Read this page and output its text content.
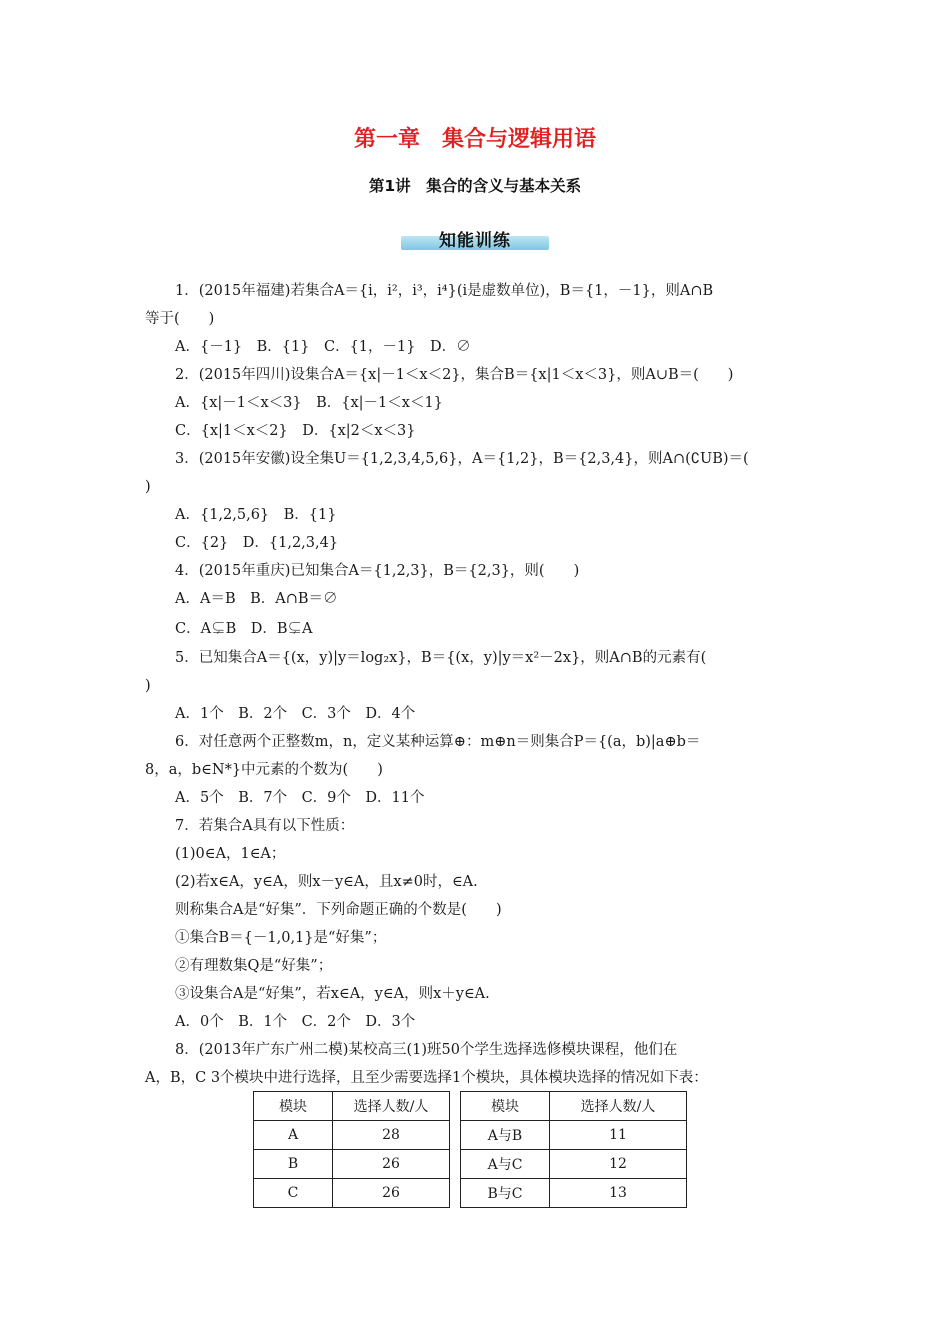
第一章　集合与逻辑用语
第1讲　集合的含义与基本关系
知能训练
1．(2015年福建)若集合A＝{i，i²，i³，i⁴}(i是虚数单位)，B＝{1，－1}，则A∩B
等于(　　)
A．{－1}　B．{1}　C．{1，－1}　D．∅
2．(2015年四川)设集合A＝{x|－1＜x＜2}，集合B＝{x|1＜x＜3}，则A∪B＝(　　)
A．{x|－1＜x＜3}　B．{x|－1＜x＜1}
C．{x|1＜x＜2}　D．{x|2＜x＜3}
3．(2015年安徽)设全集U＝{1,2,3,4,5,6}，A＝{1,2}，B＝{2,3,4}，则A∩(∁UB)＝(
)
A．{1,2,5,6}　B．{1}
C．{2}　D．{1,2,3,4}
4．(2015年重庆)已知集合A＝{1,2,3}，B＝{2,3}，则(　　)
A．A＝B　B．A∩B＝∅
C．A⊊B　D．B⊊A
5．已知集合A＝{(x，y)|y＝log₂x}，B＝{(x，y)|y＝x²－2x}，则A∩B的元素有(
)
A．1个　B．2个　C．3个　D．4个
6．对任意两个正整数m，n，定义某种运算⊕：m⊕n＝则集合P＝{(a，b)|a⊕b＝
8，a，b∈N*}中元素的个数为(　　)
A．5个　B．7个　C．9个　D．11个
7．若集合A具有以下性质：
(1)0∈A，1∈A；
(2)若x∈A，y∈A，则x－y∈A，且x≠0时，∈A.
则称集合A是“好集”．下列命题正确的个数是(　　)
①集合B＝{－1,0,1}是“好集”；
②有理数集Q是“好集”；
③设集合A是“好集”，若x∈A，y∈A，则x＋y∈A.
A．0个　B．1个　C．2个　D．3个
8．(2013年广东广州二模)某校高三(1)班50个学生选择选修模块课程，他们在
A，B，C 3个模块中进行选择，且至少需要选择1个模块，具体模块选择的情况如下表：
模块	选择人数/人		模块	选择人数/人
A	28		A与B	11
B	26		A与C	12
C	26		B与C	13
